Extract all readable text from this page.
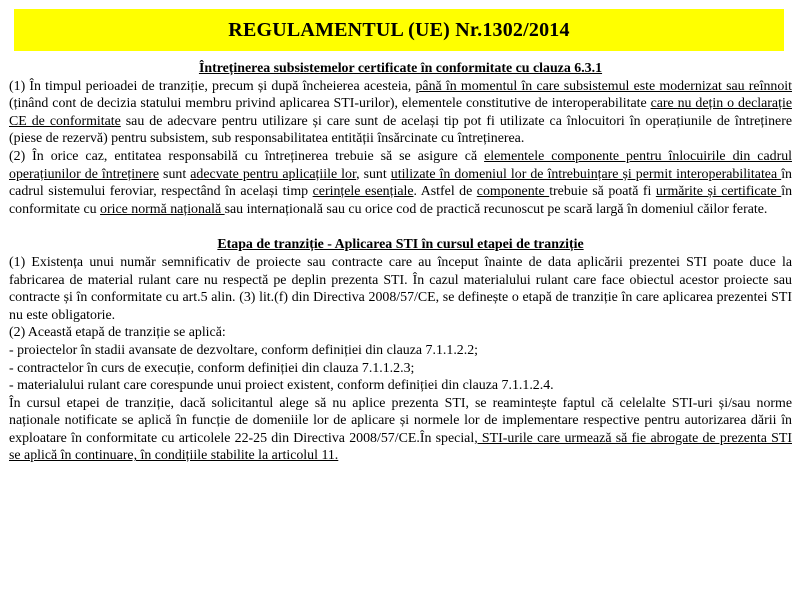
REGULAMENTUL (UE) Nr.1302/2014
Întreținerea subsistemelor certificate în conformitate cu clauza 6.3.1

(1) În timpul perioadei de tranziție, precum și după încheierea acesteia, până în momentul în care subsistemul este modernizat sau reînnoit (ținând cont de decizia statului membru privind aplicarea STI-urilor), elementele constitutive de interoperabilitate care nu dețin o declarație CE de conformitate sau de adecvare pentru utilizare și care sunt de același tip pot fi utilizate ca înlocuitori în operațiunile de întreținere (piese de rezervă) pentru subsistem, sub responsabilitatea entității însărcinate cu întreținerea.

(2) În orice caz, entitatea responsabilă cu întreținerea trebuie să se asigure că elementele componente pentru înlocuirile din cadrul operațiunilor de întreținere sunt adecvate pentru aplicațiile lor, sunt utilizate în domeniul lor de întrebuințare și permit interoperabilitatea în cadrul sistemului feroviar, respectând în același timp cerințele esențiale. Astfel de componente trebuie să poată fi urmărite și certificate în conformitate cu orice normă națională sau internațională sau cu orice cod de practică recunoscut pe scară largă în domeniul căilor ferate.

Etapa de tranziție - Aplicarea STI în cursul etapei de tranziție

(1) Existența unui număr semnificativ de proiecte sau contracte care au început înainte de data aplicării prezentei STI poate duce la fabricarea de material rulant care nu respectă pe deplin prezenta STI. În cazul materialului rulant care face obiectul acestor proiecte sau contracte și în conformitate cu art.5 alin. (3) lit.(f) din Directiva 2008/57/CE, se definește o etapă de tranziție în care aplicarea prezentei STI nu este obligatorie.

(2) Această etapă de tranziție se aplică:

- proiectelor în stadii avansate de dezvoltare, conform definiției din clauza 7.1.1.2.2;

- contractelor în curs de execuție, conform definiției din clauza 7.1.1.2.3;

- materialului rulant care corespunde unui proiect existent, conform definiției din clauza 7.1.1.2.4.

În cursul etapei de tranziție, dacă solicitantul alege să nu aplice prezenta STI, se reamintește faptul că celelalte STI-uri și/sau norme naționale notificate se aplică în funcție de domeniile lor de aplicare și normele lor de implementare respective pentru autorizarea dării în exploatare în conformitate cu articolele 22-25 din Directiva 2008/57/CE.În special, STI-urile care urmează să fie abrogate de prezenta STI se aplică în continuare, în condițiile stabilite la articolul 11.
